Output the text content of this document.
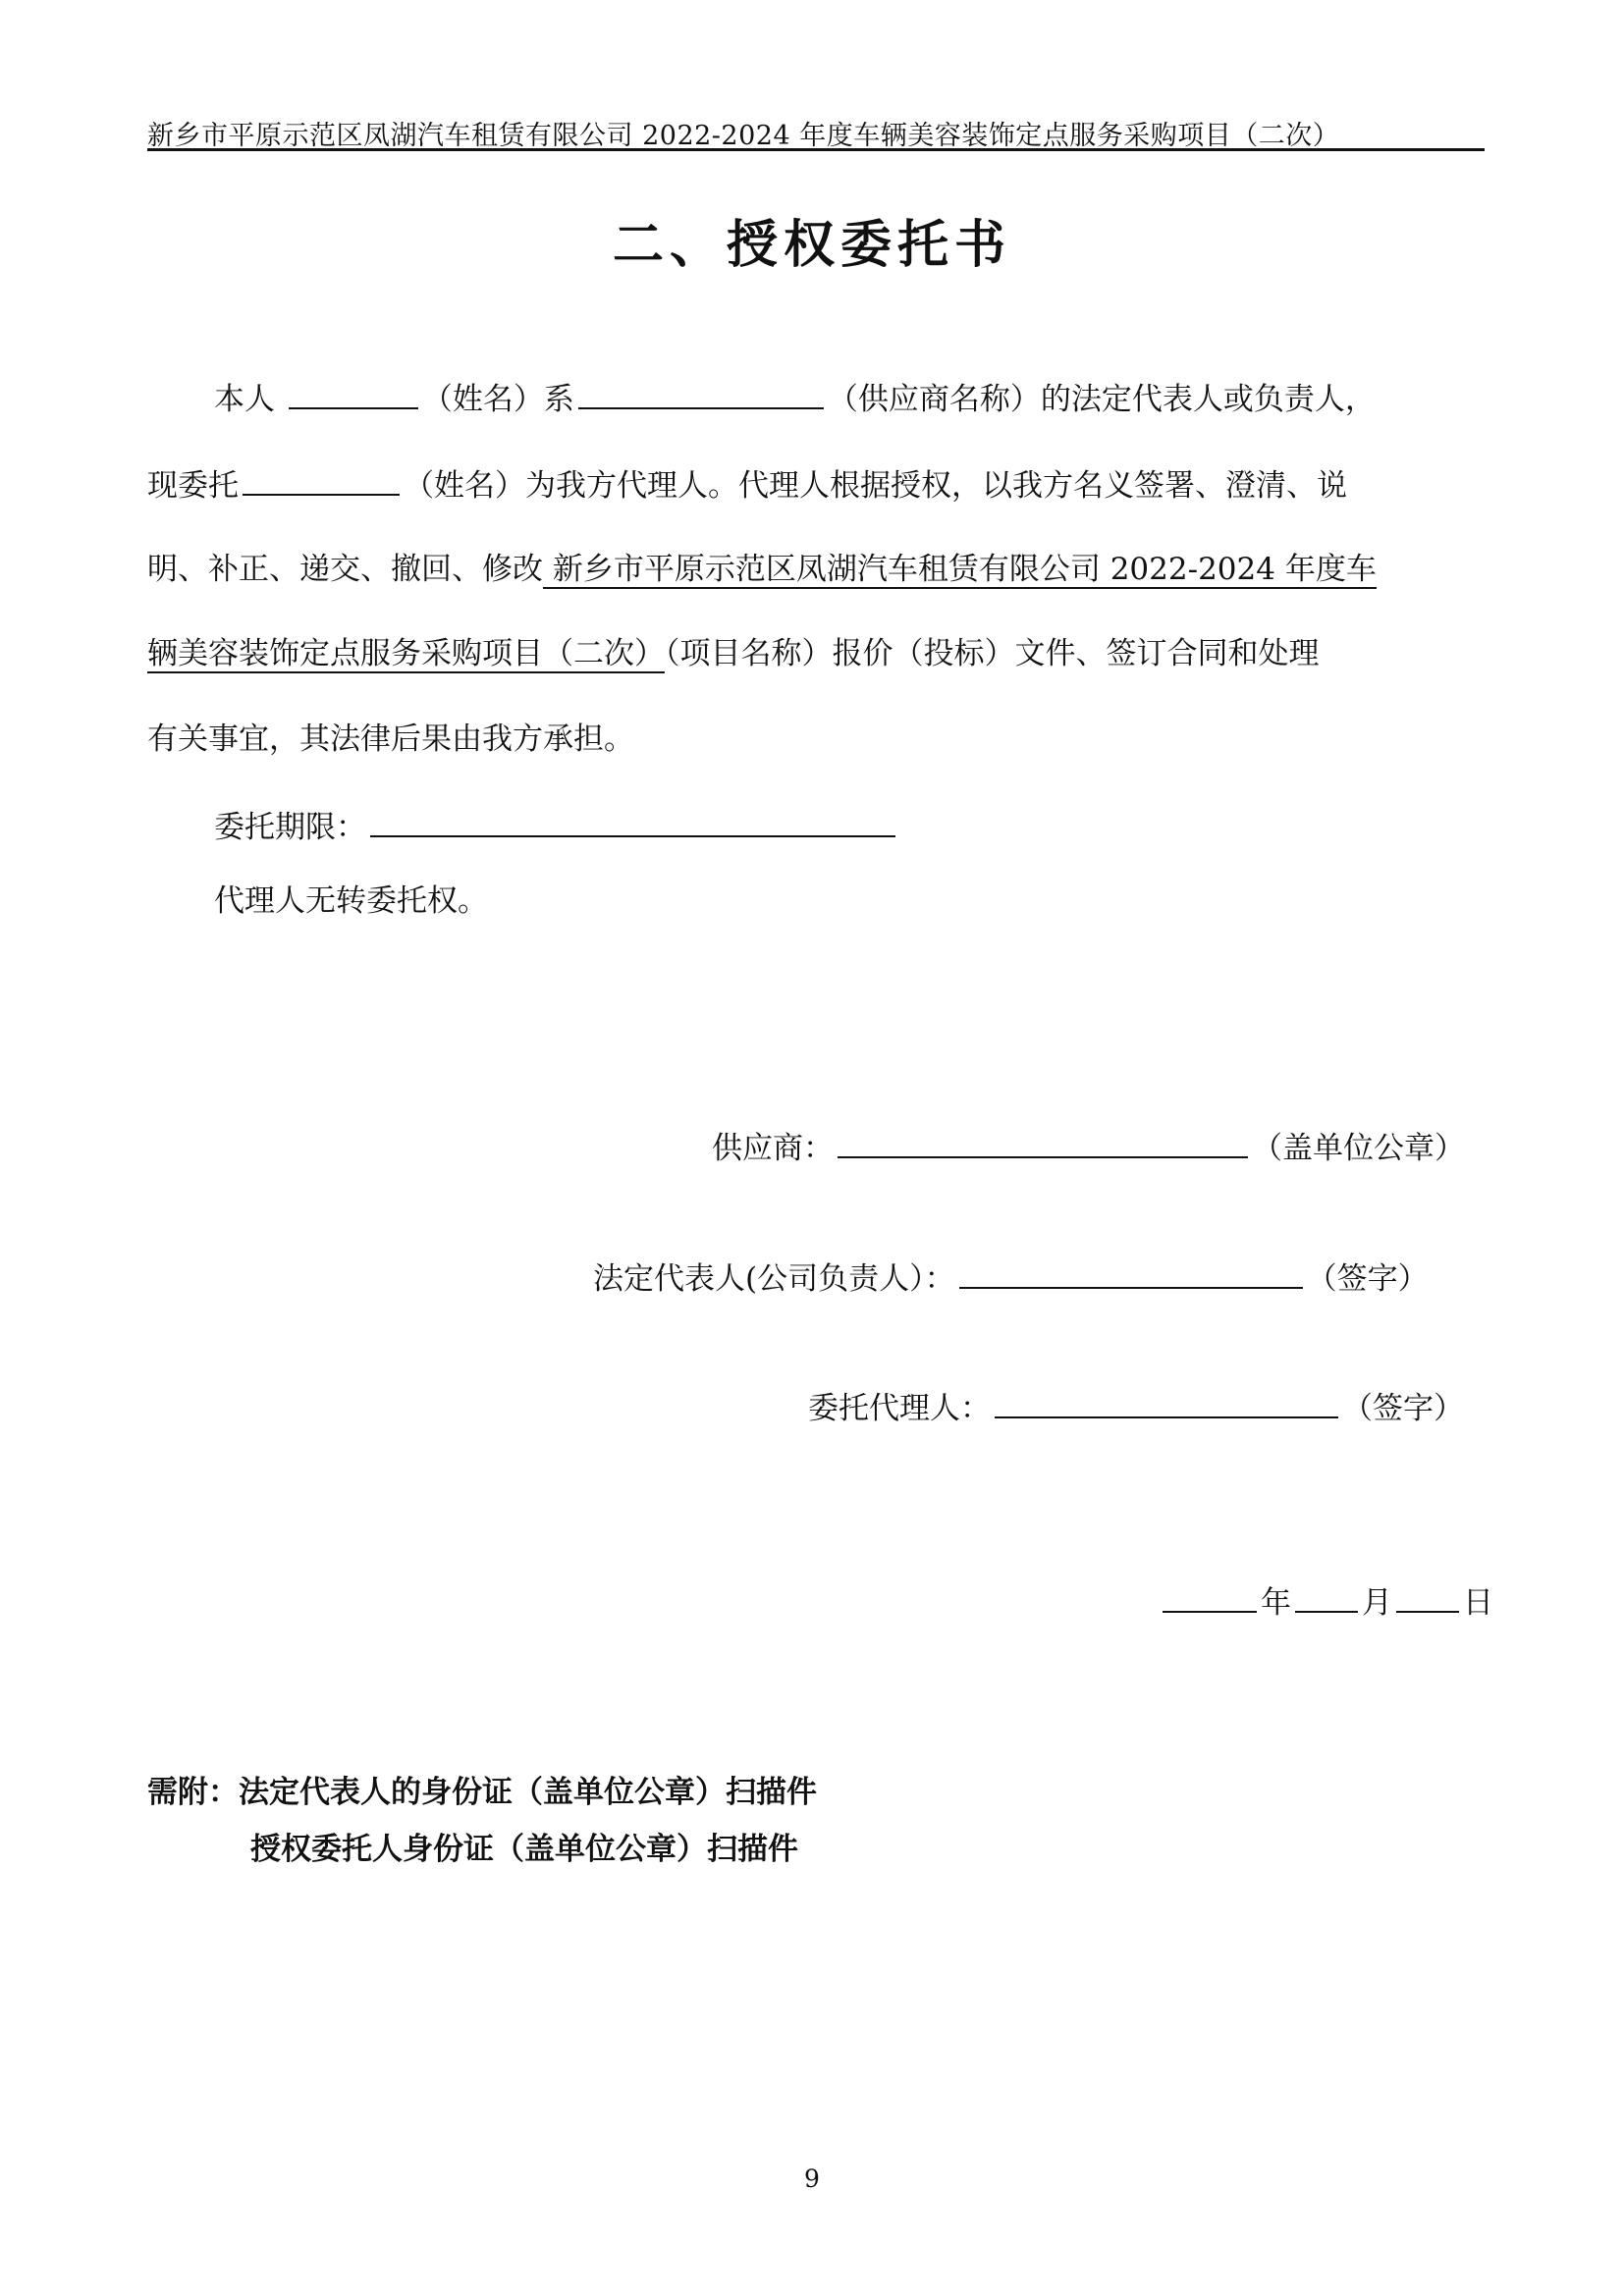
新乡市平原示范区凤湖汽车租赁有限公司 2022-2024 年度车辆美容装饰定点服务采购项目（二次）
二、授权委托书
本人	（姓名）系	（供应商名称）的法定代表人或负责人，
现委托	（姓名）为我方代理人。代理人根据授权，以我方名义签署、澄清、说
明、补正、递交、撤回、修改 新乡市平原示范区凤湖汽车租赁有限公司 2022-2024 年度车
辆美容装饰定点服务采购项目（二次）（项目名称）报价（投标）文件、签订合同和处理
有关事宜，其法律后果由我方承担。
委托期限：
代理人无转委托权。
供应商：	（盖单位公章）
法定代表人(公司负责人）：	（签字）
委托代理人：	（签字）
年 月 日
需附：法定代表人的身份证（盖单位公章）扫描件
授权委托人身份证（盖单位公章）扫描件
9
